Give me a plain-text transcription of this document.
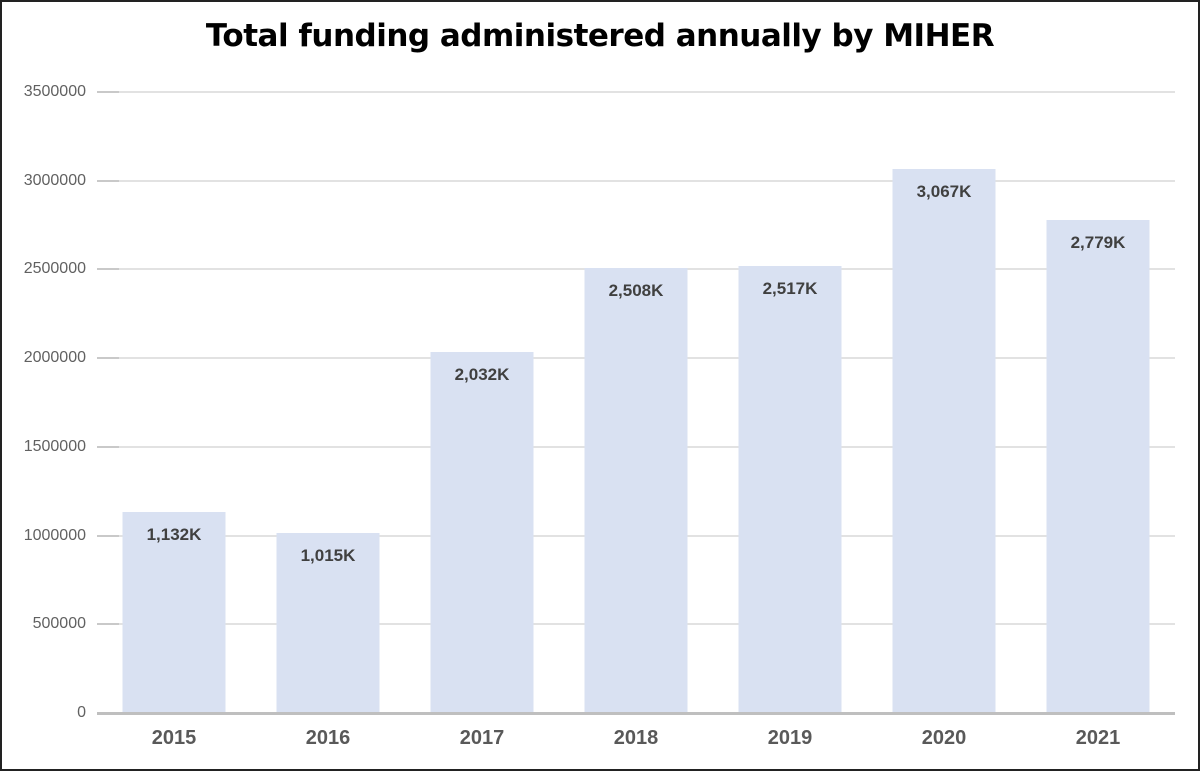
Total funding administered annually by MIHER
0
500000
1000000
1500000
2000000
2500000
3000000
3500000
1,132K
2015
1,015K
2016
2,032K
2017
2,508K
2018
2,517K
2019
3,067K
2020
2,779K
2021
